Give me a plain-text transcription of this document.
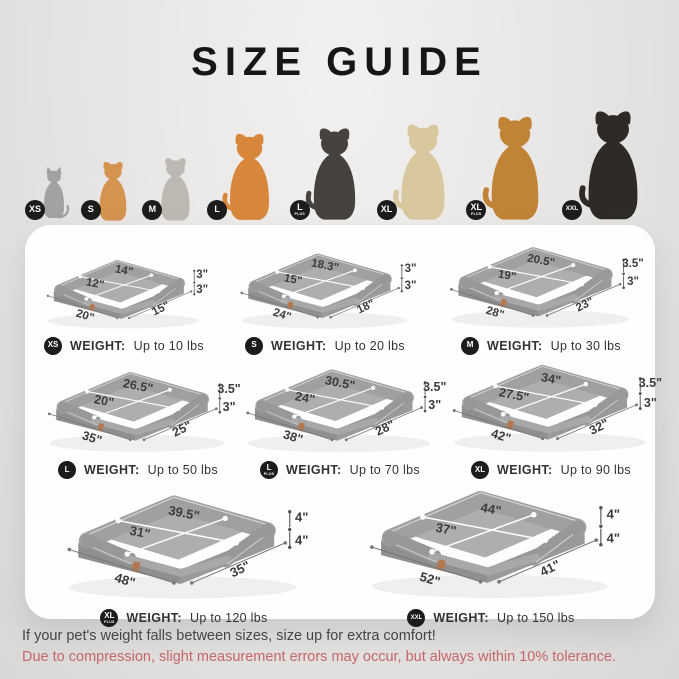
SIZE GUIDE
XS	S	M	L	L
PLUS
XL	XL
PLUS
XXL
14"
12"
3"
3"
20"	15"
XS WEIGHT: Up to 10 lbs
18.3"
15"
3"
3"
24"	18"
S WEIGHT: Up to 20 lbs
20.5"
19"
3.5"
3"
28"	23"
M WEIGHT: Up to 30 lbs
26.5"
20"
3.5"
3"
35"	25"
L WEIGHT: Up to 50 lbs
30.5"
24"
3.5"
3"
38"	28"
L
PLUS WEIGHT: Up to 70 lbs
34"
27.5"
3.5"
3"
42"	32"
XL WEIGHT: Up to 90 lbs
39.5"
31"
4"
4"
48"	35"
XL
PLUS WEIGHT: Up to 120 lbs
44"
37"
4"
4"
52"	41"
XXL WEIGHT: Up to 150 lbs

If your pet's weight falls between sizes, size up for extra comfort!

Due to compression, slight measurement errors may occur, but always within 10% tolerance.
